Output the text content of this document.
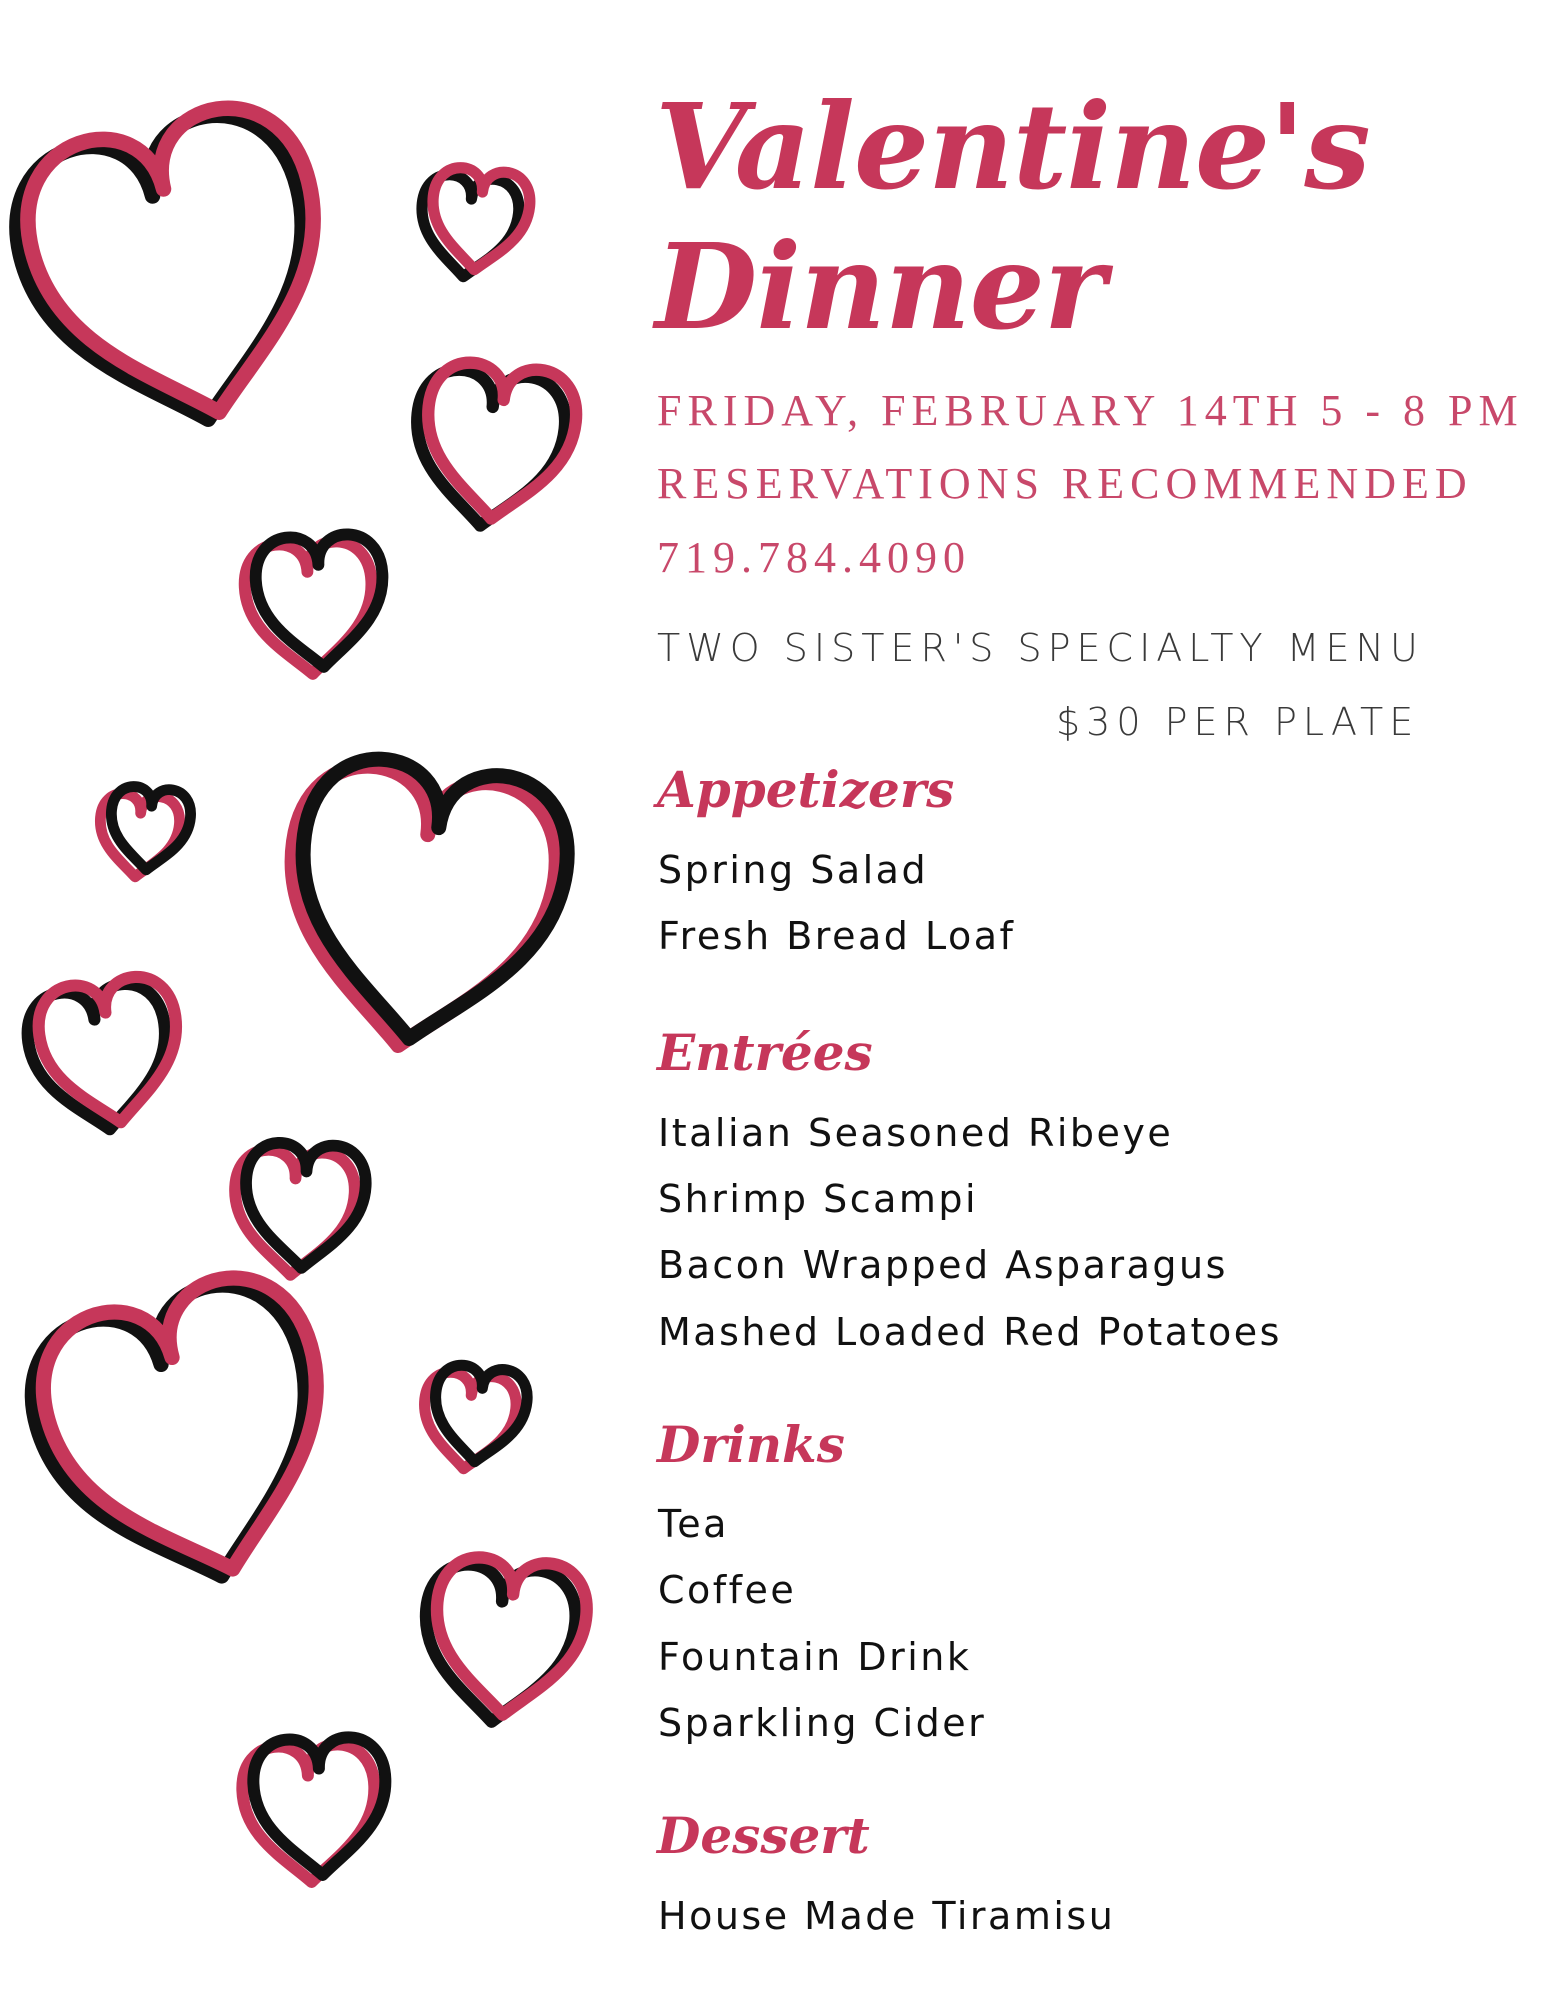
Valentine's
Dinner
FRIDAY, FEBRUARY 14TH 5 - 8 PM
RESERVATIONS RECOMMENDED
719.784.4090
TWO SISTER'S SPECIALTY MENU
$30 PER PLATE
Appetizers
Spring Salad
Fresh Bread Loaf
Entrées
Italian Seasoned Ribeye
Shrimp Scampi
Bacon Wrapped Asparagus
Mashed Loaded Red Potatoes
Drinks
Tea
Coffee
Fountain Drink
Sparkling Cider
Dessert
House Made Tiramisu
